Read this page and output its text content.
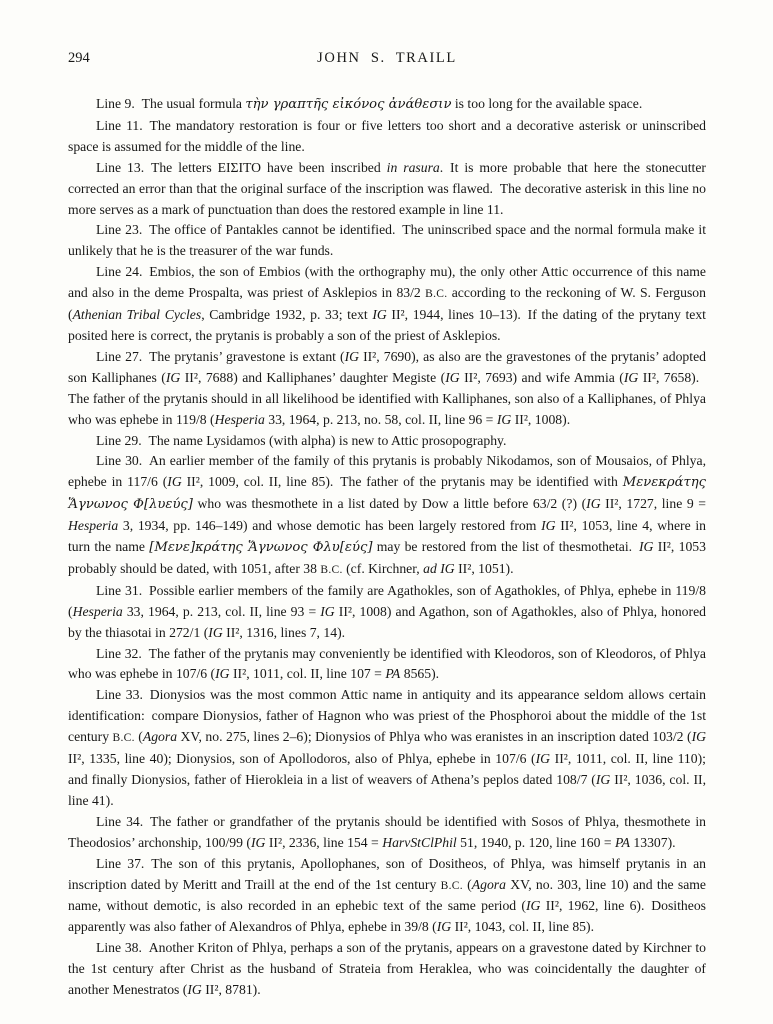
294	JOHN S. TRAILL

Line 9. The usual formula τὴν γραπτῆς εἰκόνος ἀνάθεσιν is too long for the available space.

Line 11. The mandatory restoration is four or five letters too short and a decorative asterisk or uninscribed space is assumed for the middle of the line.

Line 13. The letters ΕΙΣΙΤΟ have been inscribed in rasura. It is more probable that here the stonecutter corrected an error than that the original surface of the inscription was flawed. The decorative asterisk in this line no more serves as a mark of punctuation than does the restored example in line 11.

Line 23. The office of Pantakles cannot be identified. The uninscribed space and the normal formula make it unlikely that he is the treasurer of the war funds.

Line 24. Embios, the son of Embios (with the orthography mu), the only other Attic occurrence of this name and also in the deme Prospalta, was priest of Asklepios in 83/2 B.C. according to the reckoning of W. S. Ferguson (Athenian Tribal Cycles, Cambridge 1932, p. 33; text IG II², 1944, lines 10–13). If the dating of the prytany text posited here is correct, the prytanis is probably a son of the priest of Asklepios.

Line 27. The prytanis’ gravestone is extant (IG II², 7690), as also are the gravestones of the prytanis’ adopted son Kalliphanes (IG II², 7688) and Kalliphanes’ daughter Megiste (IG II², 7693) and wife Ammia (IG II², 7658). The father of the prytanis should in all likelihood be identified with Kalliphanes, son also of a Kalliphanes, of Phlya who was ephebe in 119/8 (Hesperia 33, 1964, p. 213, no. 58, col. II, line 96 = IG II², 1008).

Line 29. The name Lysidamos (with alpha) is new to Attic prosopography.

Line 30. An earlier member of the family of this prytanis is probably Nikodamos, son of Mousaios, of Phlya, ephebe in 117/6 (IG II², 1009, col. II, line 85). The father of the prytanis may be identified with Μενεκράτης Ἅγνωνος Φ[λυεύς] who was thesmothete in a list dated by Dow a little before 63/2 (?) (IG II², 1727, line 9 = Hesperia 3, 1934, pp. 146–149) and whose demotic has been largely restored from IG II², 1053, line 4, where in turn the name [Μενε]κράτης Ἅγνωνος Φλυ[εύς] may be restored from the list of thesmothetai. IG II², 1053 probably should be dated, with 1051, after 38 B.C. (cf. Kirchner, ad IG II², 1051).

Line 31. Possible earlier members of the family are Agathokles, son of Agathokles, of Phlya, ephebe in 119/8 (Hesperia 33, 1964, p. 213, col. II, line 93 = IG II², 1008) and Agathon, son of Agathokles, also of Phlya, honored by the thiasotai in 272/1 (IG II², 1316, lines 7, 14).

Line 32. The father of the prytanis may conveniently be identified with Kleodoros, son of Kleodoros, of Phlya who was ephebe in 107/6 (IG II², 1011, col. II, line 107 = PA 8565).

Line 33. Dionysios was the most common Attic name in antiquity and its appearance seldom allows certain identification: compare Dionysios, father of Hagnon who was priest of the Phosphoroi about the middle of the 1st century B.C. (Agora XV, no. 275, lines 2–6); Dionysios of Phlya who was eranistes in an inscription dated 103/2 (IG II², 1335, line 40); Dionysios, son of Apollodoros, also of Phlya, ephebe in 107/6 (IG II², 1011, col. II, line 110); and finally Dionysios, father of Hierokleia in a list of weavers of Athena’s peplos dated 108/7 (IG II², 1036, col. II, line 41).

Line 34. The father or grandfather of the prytanis should be identified with Sosos of Phlya, thesmothete in Theodosios’ archonship, 100/99 (IG II², 2336, line 154 = HarvStClPhil 51, 1940, p. 120, line 160 = PA 13307).

Line 37. The son of this prytanis, Apollophanes, son of Dositheos, of Phlya, was himself prytanis in an inscription dated by Meritt and Traill at the end of the 1st century B.C. (Agora XV, no. 303, line 10) and the same name, without demotic, is also recorded in an ephebic text of the same period (IG II², 1962, line 6). Dositheos apparently was also father of Alexandros of Phlya, ephebe in 39/8 (IG II², 1043, col. II, line 85).

Line 38. Another Kriton of Phlya, perhaps a son of the prytanis, appears on a gravestone dated by Kirchner to the 1st century after Christ as the husband of Strateia from Heraklea, who was coincidentally the daughter of another Menestratos (IG II², 8781).
